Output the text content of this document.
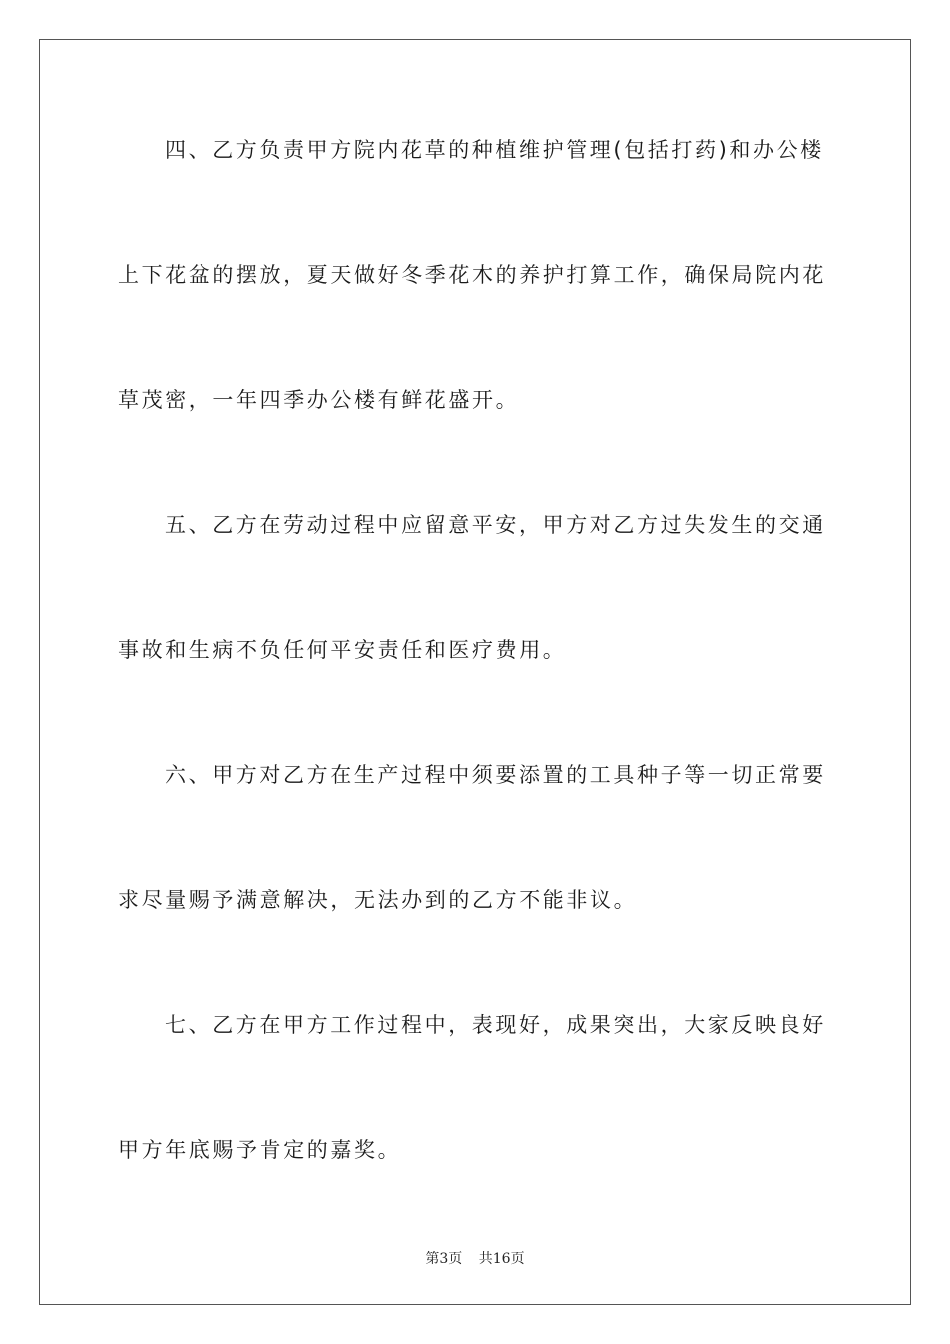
四、乙方负责甲方院内花草的种植维护管理(包括打药)和办公楼
上下花盆的摆放，夏天做好冬季花木的养护打算工作，确保局院内花
草茂密，一年四季办公楼有鲜花盛开。
五、乙方在劳动过程中应留意平安，甲方对乙方过失发生的交通
事故和生病不负任何平安责任和医疗费用。
六、甲方对乙方在生产过程中须要添置的工具种子等一切正常要
求尽量赐予满意解决，无法办到的乙方不能非议。
七、乙方在甲方工作过程中，表现好，成果突出，大家反映良好
甲方年底赐予肯定的嘉奖。
第3页 共16页
